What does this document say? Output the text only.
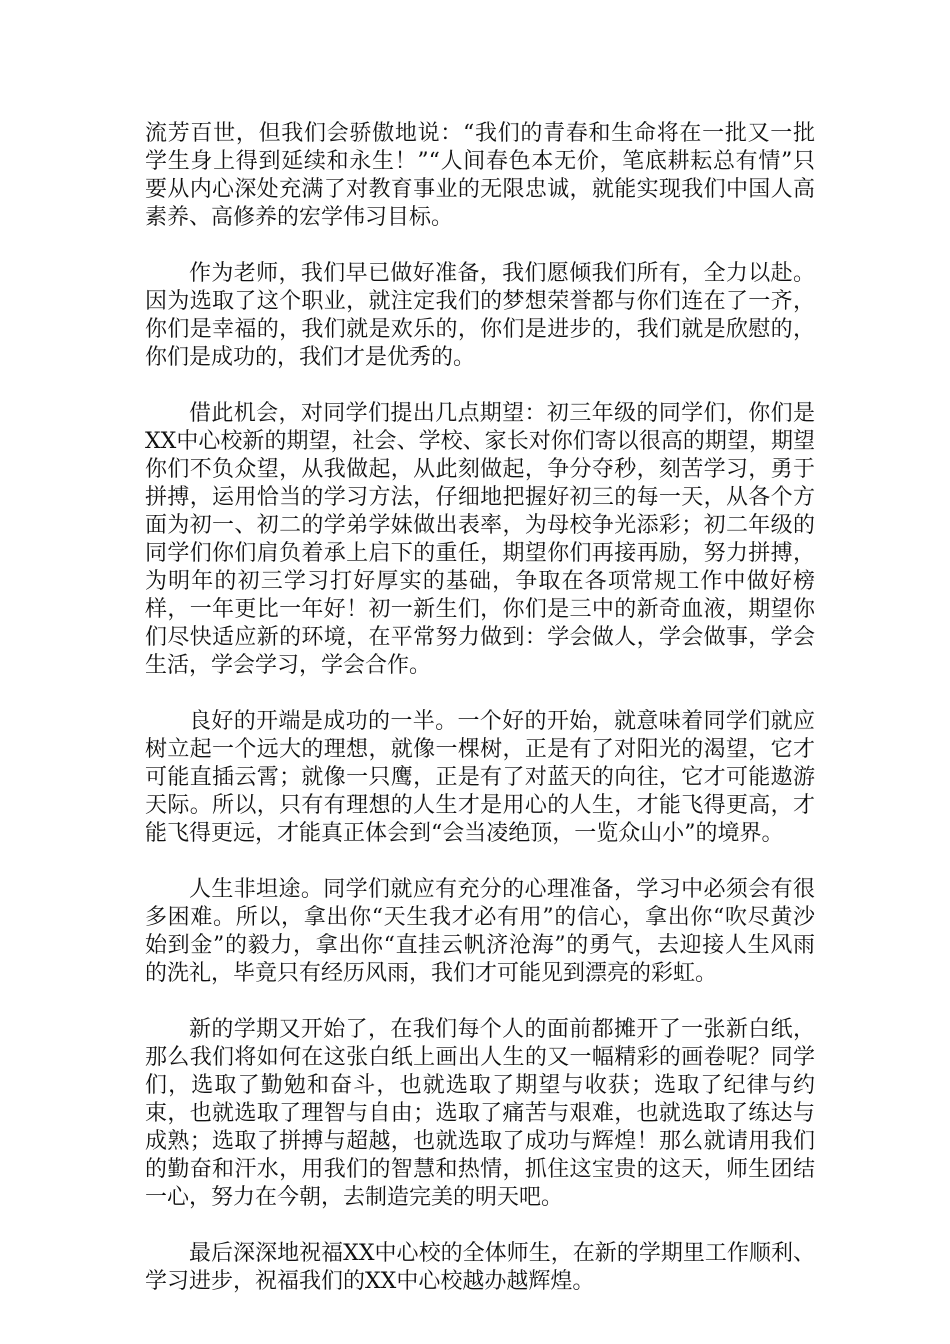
流芳百世，但我们会骄傲地说：“我们的青春和生命将在一批又一批学生身上得到延续和永生！”“人间春色本无价，笔底耕耘总有情”只要从内心深处充满了对教育事业的无限忠诚，就能实现我们中国人高素养、高修养的宏学伟习目标。

作为老师，我们早已做好准备，我们愿倾我们所有，全力以赴。因为选取了这个职业，就注定我们的梦想荣誉都与你们连在了一齐，你们是幸福的，我们就是欢乐的，你们是进步的，我们就是欣慰的，你们是成功的，我们才是优秀的。

借此机会，对同学们提出几点期望：初三年级的同学们，你们是XX中心校新的期望，社会、学校、家长对你们寄以很高的期望，期望你们不负众望，从我做起，从此刻做起，争分夺秒，刻苦学习，勇于拼搏，运用恰当的学习方法，仔细地把握好初三的每一天，从各个方面为初一、初二的学弟学妹做出表率，为母校争光添彩；初二年级的同学们你们肩负着承上启下的重任，期望你们再接再励，努力拼搏，为明年的初三学习打好厚实的基础，争取在各项常规工作中做好榜样，一年更比一年好！初一新生们，你们是三中的新奇血液，期望你们尽快适应新的环境，在平常努力做到：学会做人，学会做事，学会生活，学会学习，学会合作。

良好的开端是成功的一半。一个好的开始，就意味着同学们就应树立起一个远大的理想，就像一棵树，正是有了对阳光的渴望，它才可能直插云霄；就像一只鹰，正是有了对蓝天的向往，它才可能遨游天际。所以，只有有理想的人生才是用心的人生，才能飞得更高，才能飞得更远，才能真正体会到“会当凌绝顶，一览众山小”的境界。

人生非坦途。同学们就应有充分的心理准备，学习中必须会有很多困难。所以，拿出你“天生我才必有用”的信心，拿出你“吹尽黄沙始到金”的毅力，拿出你“直挂云帆济沧海”的勇气，去迎接人生风雨的洗礼，毕竟只有经历风雨，我们才可能见到漂亮的彩虹。

新的学期又开始了，在我们每个人的面前都摊开了一张新白纸，那么我们将如何在这张白纸上画出人生的又一幅精彩的画卷呢？同学们，选取了勤勉和奋斗，也就选取了期望与收获；选取了纪律与约束，也就选取了理智与自由；选取了痛苦与艰难，也就选取了练达与成熟；选取了拼搏与超越，也就选取了成功与辉煌！那么就请用我们的勤奋和汗水，用我们的智慧和热情，抓住这宝贵的这天，师生团结一心，努力在今朝，去制造完美的明天吧。

最后深深地祝福XX中心校的全体师生，在新的学期里工作顺利、学习进步，祝福我们的XX中心校越办越辉煌。
